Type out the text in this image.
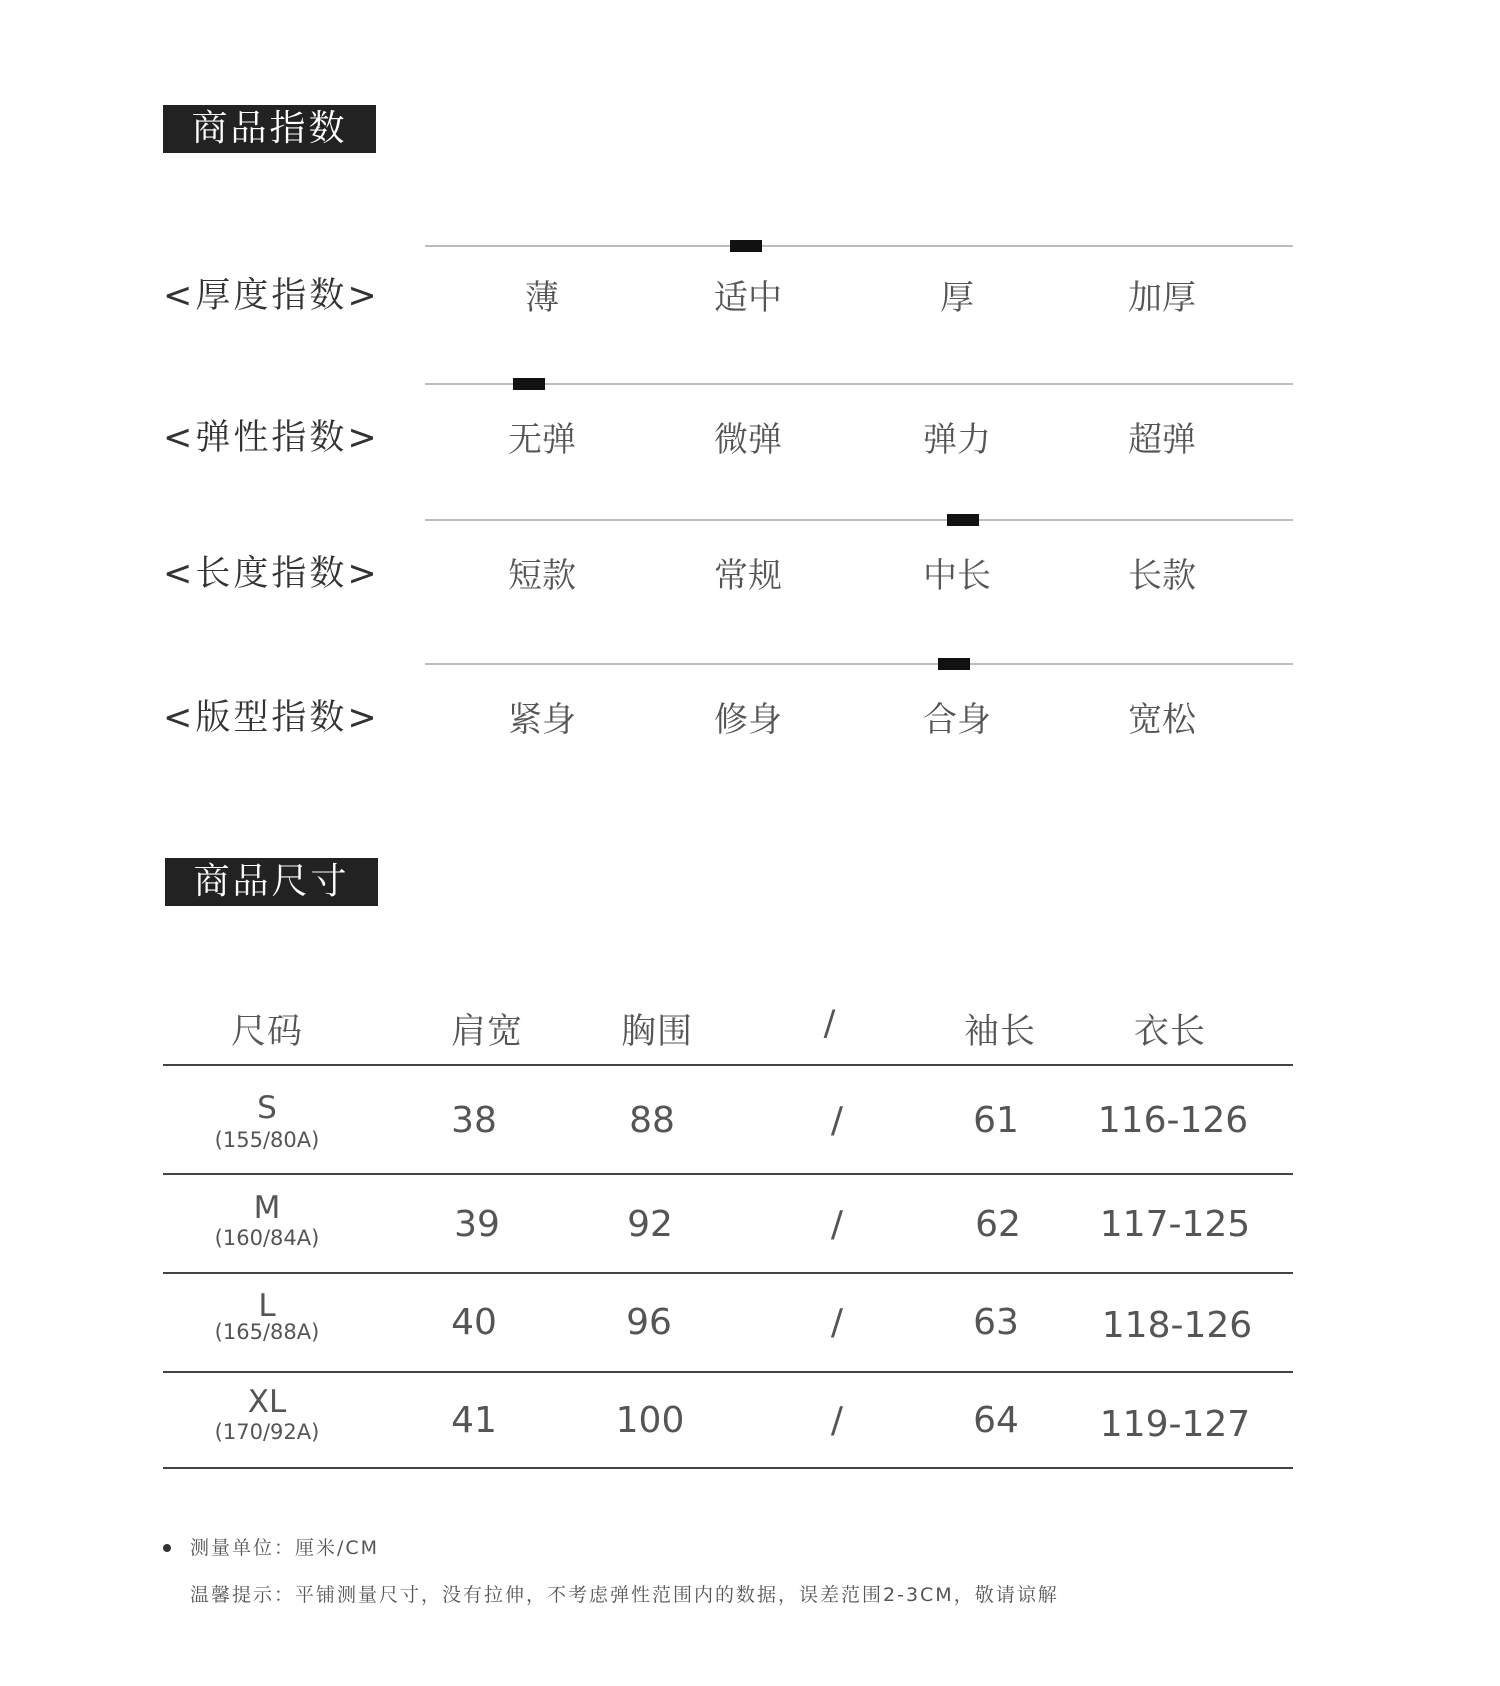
商品指数
<厚度指数>	薄	适中	厚	加厚
<弹性指数>	无弹	微弹	弹力	超弹
<长度指数>	短款	常规	中长	长款
<版型指数>	紧身	修身	合身	宽松
商品尺寸
尺码	肩宽	胸围	/	袖长	衣长
S
(155/80A)	38	88	/	61	116-126
M
(160/84A)	39	92	/	62	117-125
L
(165/88A)	40	96	/	63	118-126
XL
(170/92A)	41	100	/	64	119-127
测量单位：厘米/CM
温馨提示：平铺测量尺寸，没有拉伸，不考虑弹性范围内的数据，误差范围2-3CM，敬请谅解
